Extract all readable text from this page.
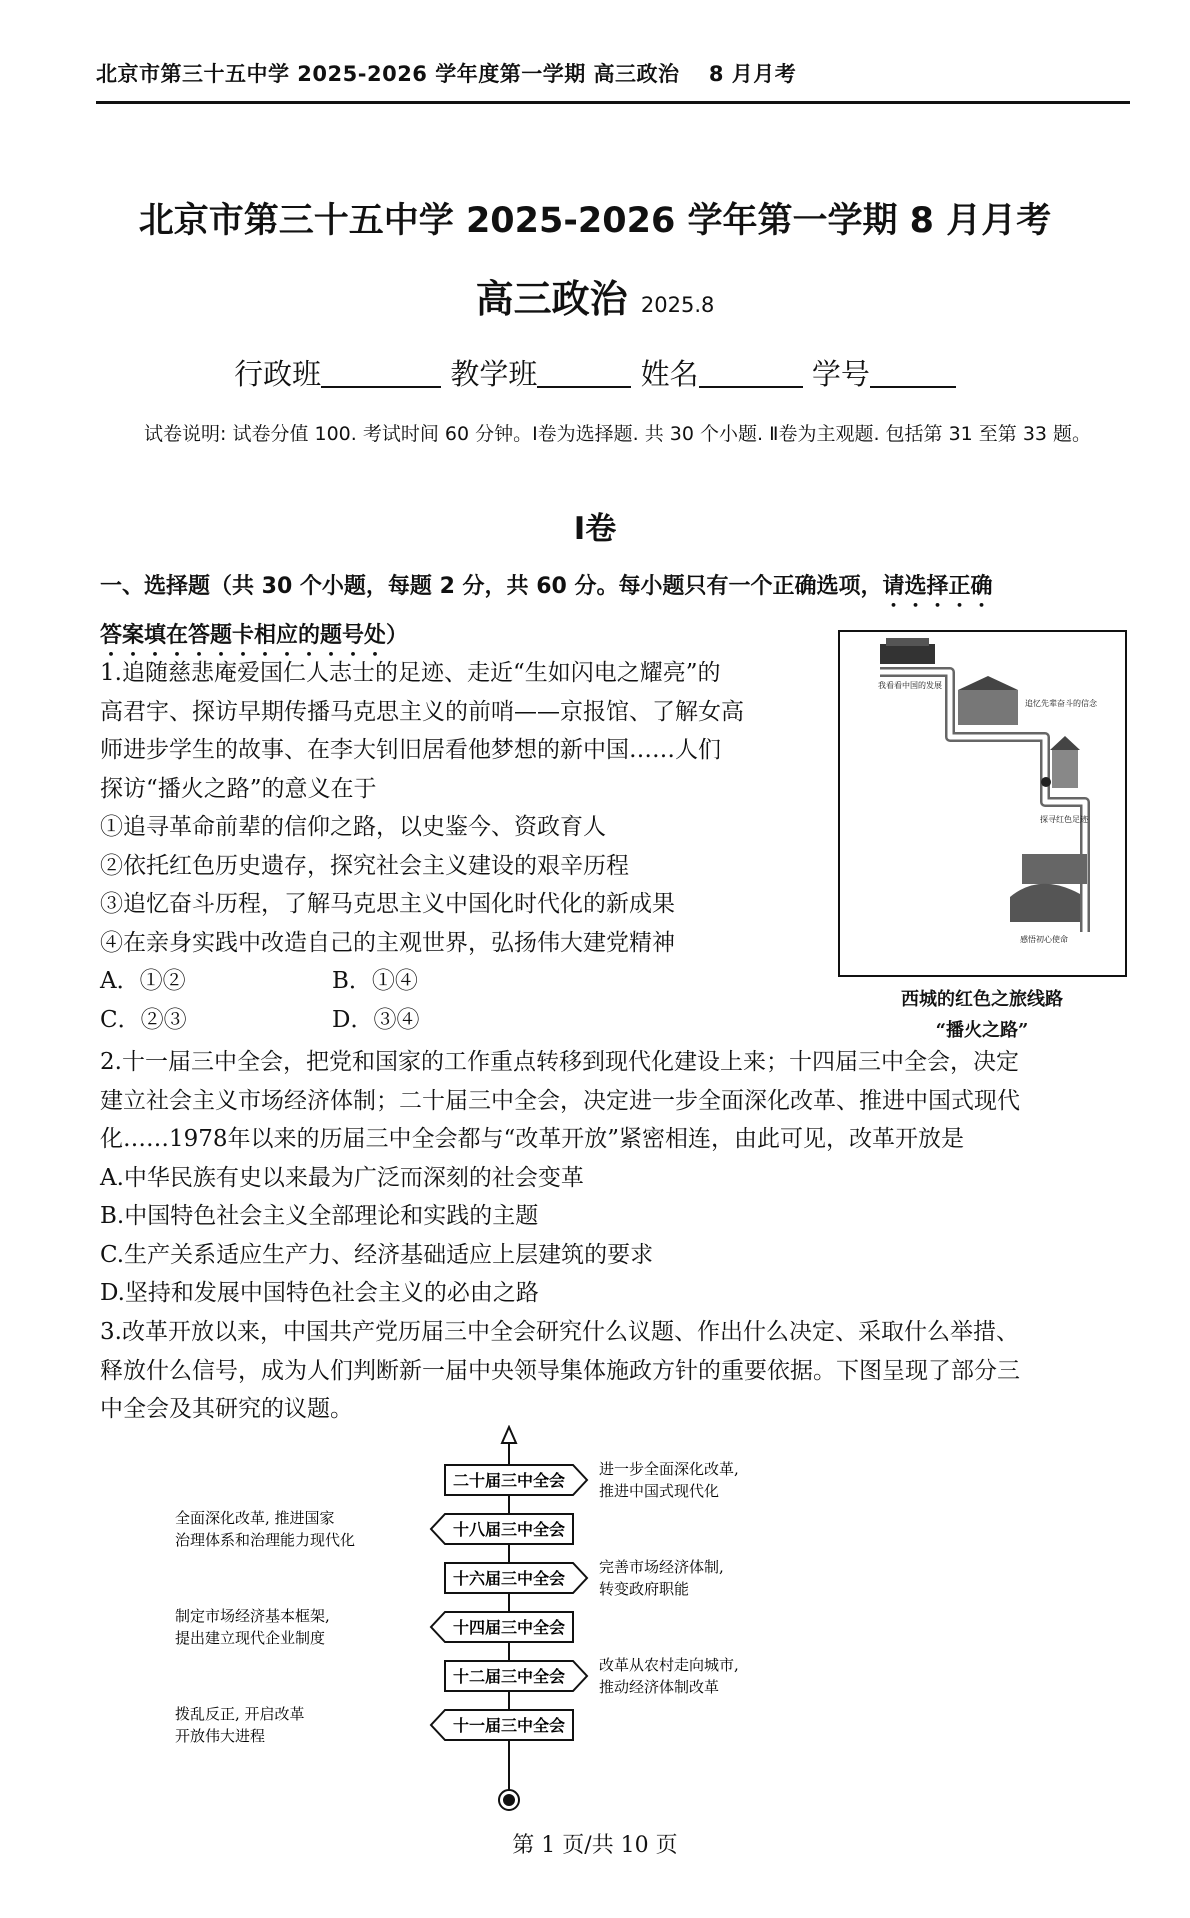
北京市第三十五中学 2025-2026 学年度第一学期 高三政治　 8 月月考
北京市第三十五中学 2025-2026 学年第一学期 8 月月考
高三政治 2025.8
行政班	教学班	姓名	学号
试卷说明: 试卷分值 100. 考试时间 60 分钟。Ⅰ卷为选择题. 共 30 个小题. Ⅱ卷为主观题. 包括第 31 至第 33 题。
Ⅰ卷
一、选择题（共 30 个小题，每题 2 分，共 60 分。每小题只有一个正确选项，请选择正确
答案填在答题卡相应的题号处）
1.追随慈悲庵爱国仁人志士的足迹、走近“生如闪电之耀亮”的
高君宇、探访早期传播马克思主义的前哨——京报馆、了解女高
师进步学生的故事、在李大钊旧居看他梦想的新中国……人们
探访“播火之路”的意义在于
①追寻革命前辈的信仰之路，以史鉴今、资政育人
②依托红色历史遗存，探究社会主义建设的艰辛历程
③追忆奋斗历程，了解马克思主义中国化时代化的新成果
④在亲身实践中改造自己的主观世界，弘扬伟大建党精神
A．①②	B．①④
C．②③	D．③④
我看看中国的发展
追忆先辈奋斗的信念
探寻红色足迹
感悟初心使命
西城的红色之旅线路
“播火之路”
2.十一届三中全会，把党和国家的工作重点转移到现代化建设上来；十四届三中全会，决定
建立社会主义市场经济体制；二十届三中全会，决定进一步全面深化改革、推进中国式现代
化……1978年以来的历届三中全会都与“改革开放”紧密相连，由此可见，改革开放是
A.中华民族有史以来最为广泛而深刻的社会变革
B.中国特色社会主义全部理论和实践的主题
C.生产关系适应生产力、经济基础适应上层建筑的要求
D.坚持和发展中国特色社会主义的必由之路
3.改革开放以来，中国共产党历届三中全会研究什么议题、作出什么决定、采取什么举措、
释放什么信号，成为人们判断新一届中央领导集体施政方针的重要依据。下图呈现了部分三
中全会及其研究的议题。
二十届三中全会
进一步全面深化改革,
推进中国式现代化
十八届三中全会
全面深化改革, 推进国家
治理体系和治理能力现代化
十六届三中全会
完善市场经济体制,
转变政府职能
十四届三中全会
制定市场经济基本框架,
提出建立现代企业制度
十二届三中全会
改革从农村走向城市,
推动经济体制改革
十一届三中全会
拨乱反正, 开启改革
开放伟大进程
第 1 页/共 10 页
